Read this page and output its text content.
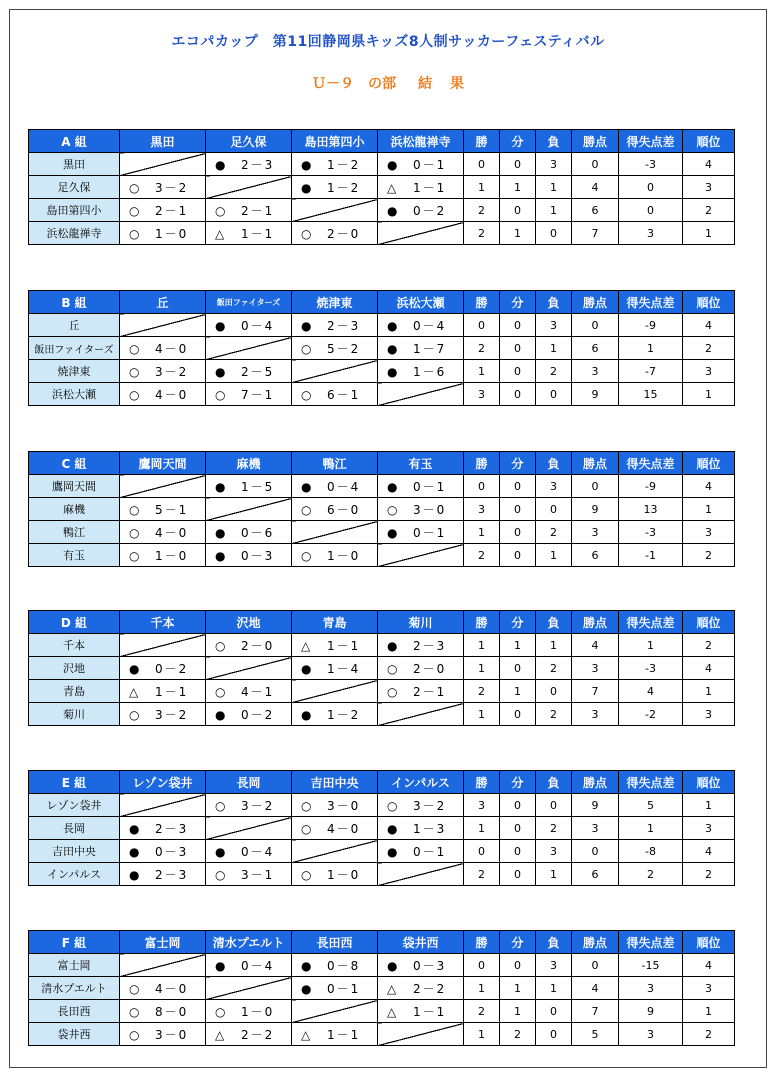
エコパカップ　第11回静岡県キッズ8人制サッカーフェスティバル
Ｕ－９ の部 結 果
A 組	黒田	足久保	島田第四小	浜松龍禅寺	勝	分	負	勝点	得失点差	順位
黒田		● 2－3	● 1－2	● 0－1	0	0	3	0	-3	4
足久保	○ 3－2		● 1－2	△ 1－1	1	1	1	4	0	3
島田第四小	○ 2－1	○ 2－1		● 0－2	2	0	1	6	0	2
浜松龍禅寺	○ 1－0	△ 1－1	○ 2－0		2	1	0	7	3	1
B 組	丘	飯田ファイターズ	焼津東	浜松大瀬	勝	分	負	勝点	得失点差	順位
丘		● 0－4	● 2－3	● 0－4	0	0	3	0	-9	4
飯田ファイターズ	○ 4－0		○ 5－2	● 1－7	2	0	1	6	1	2
焼津東	○ 3－2	● 2－5		● 1－6	1	0	2	3	-7	3
浜松大瀬	○ 4－0	○ 7－1	○ 6－1		3	0	0	9	15	1
C 組	鷹岡天間	麻機	鴨江	有玉	勝	分	負	勝点	得失点差	順位
鷹岡天間		● 1－5	● 0－4	● 0－1	0	0	3	0	-9	4
麻機	○ 5－1		○ 6－0	○ 3－0	3	0	0	9	13	1
鴨江	○ 4－0	● 0－6		● 0－1	1	0	2	3	-3	3
有玉	○ 1－0	● 0－3	○ 1－0		2	0	1	6	-1	2
D 組	千本	沢地	青島	菊川	勝	分	負	勝点	得失点差	順位
千本		○ 2－0	△ 1－1	● 2－3	1	1	1	4	1	2
沢地	● 0－2		● 1－4	○ 2－0	1	0	2	3	-3	4
青島	△ 1－1	○ 4－1		○ 2－1	2	1	0	7	4	1
菊川	○ 3－2	● 0－2	● 1－2		1	0	2	3	-2	3
E 組	レゾン袋井	長岡	吉田中央	インパルス	勝	分	負	勝点	得失点差	順位
レゾン袋井		○ 3－2	○ 3－0	○ 3－2	3	0	0	9	5	1
長岡	● 2－3		○ 4－0	● 1－3	1	0	2	3	1	3
吉田中央	● 0－3	● 0－4		● 0－1	0	0	3	0	-8	4
インパルス	● 2－3	○ 3－1	○ 1－0		2	0	1	6	2	2
F 組	富士岡	清水プエルト	長田西	袋井西	勝	分	負	勝点	得失点差	順位
富士岡		● 0－4	● 0－8	● 0－3	0	0	3	0	-15	4
清水プエルト	○ 4－0		● 0－1	△ 2－2	1	1	1	4	3	3
長田西	○ 8－0	○ 1－0		△ 1－1	2	1	0	7	9	1
袋井西	○ 3－0	△ 2－2	△ 1－1		1	2	0	5	3	2
